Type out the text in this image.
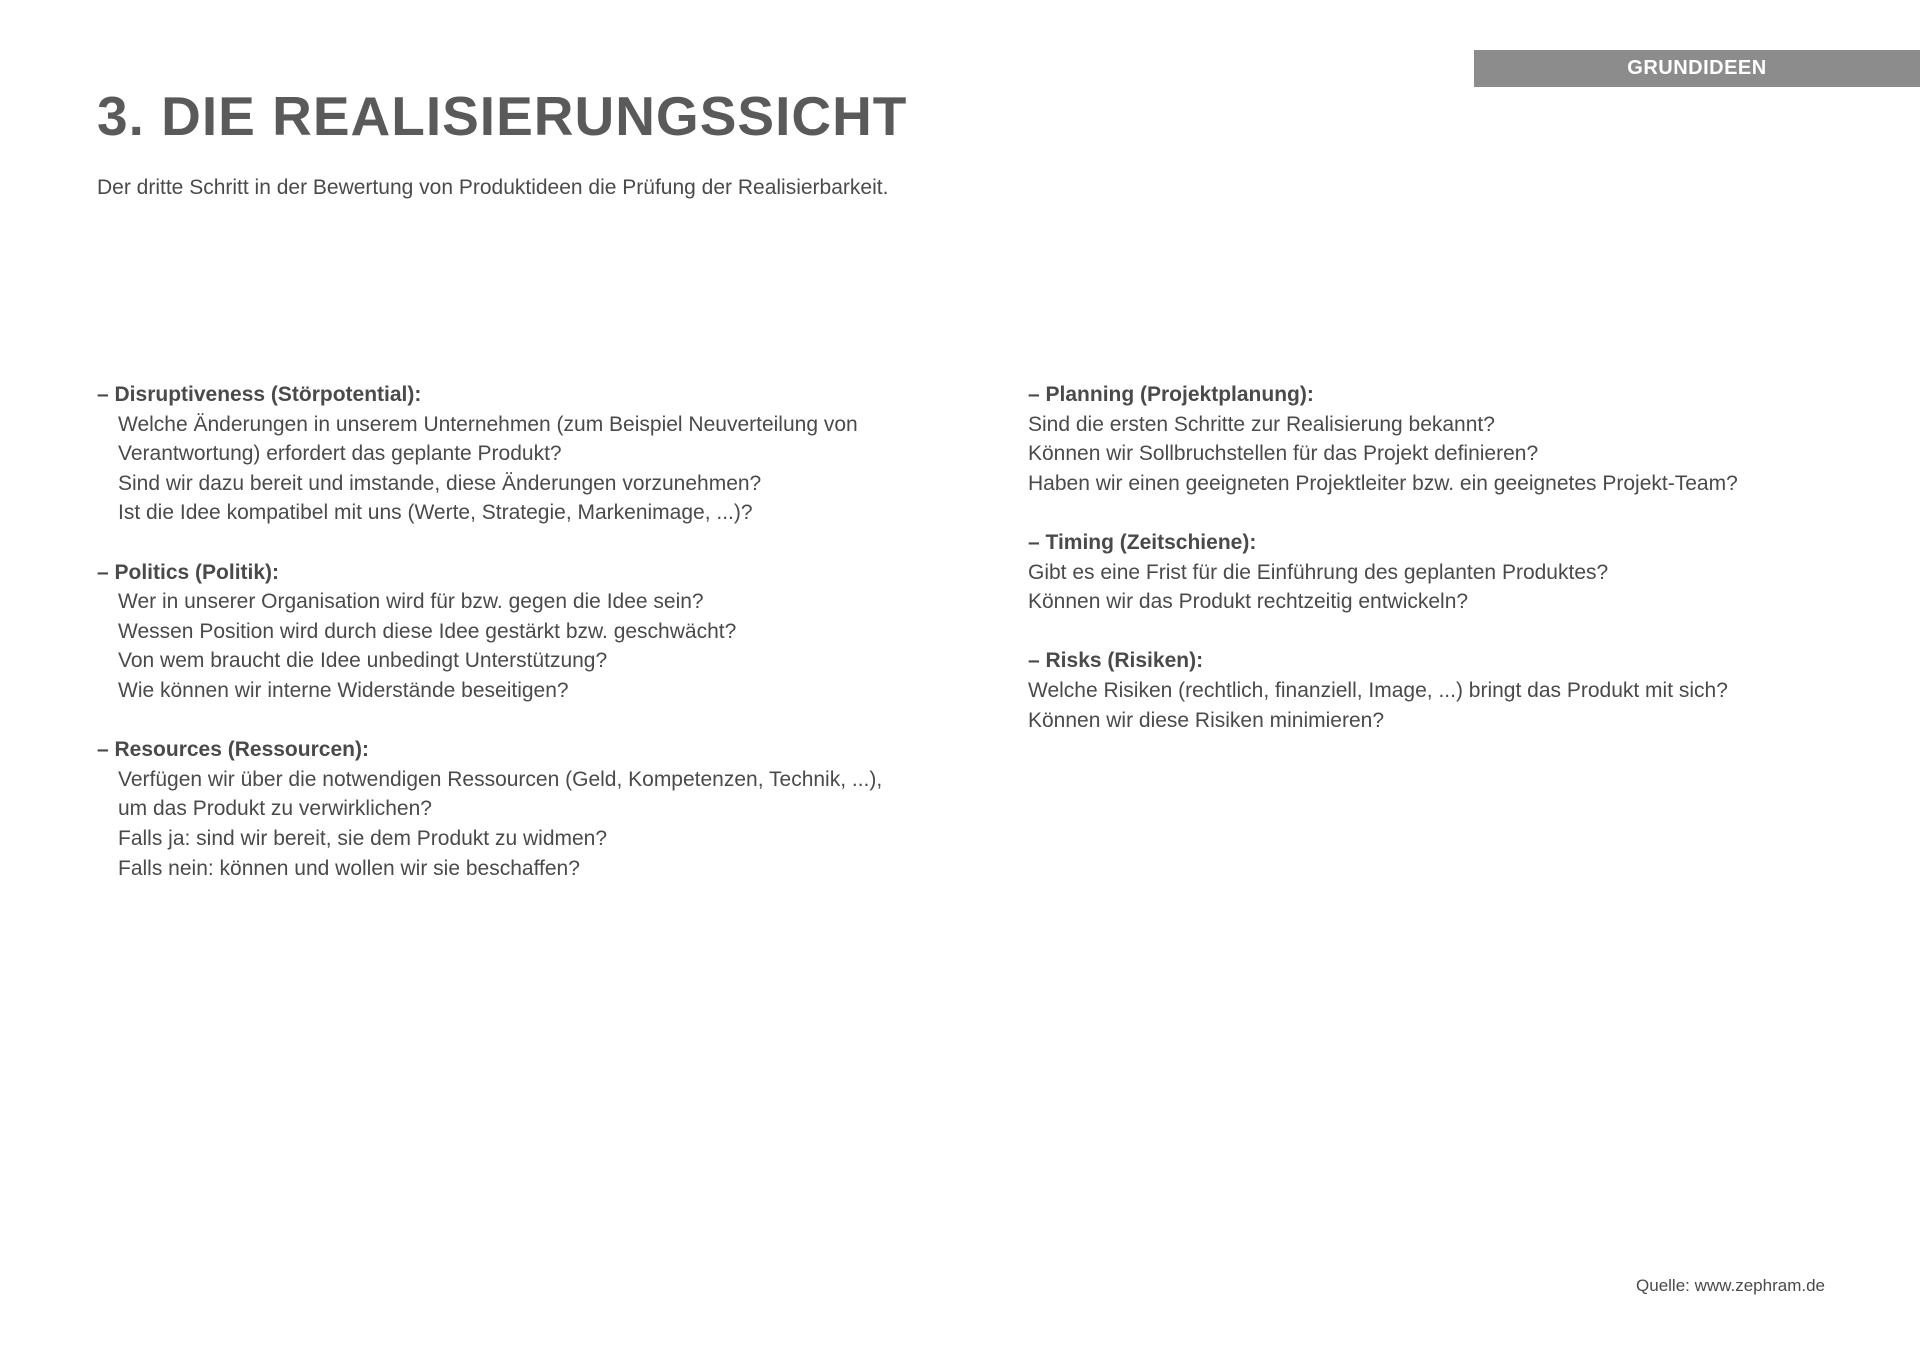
GRUNDIDEEN
3. DIE REALISIERUNGSSICHT
Der dritte Schritt in der Bewertung von Produktideen die Prüfung der Realisierbarkeit.
– Disruptiveness (Störpotential):
Welche Änderungen in unserem Unternehmen (zum Beispiel Neuverteilung von
Verantwortung) erfordert das geplante Produkt?
Sind wir dazu bereit und imstande, diese Änderungen vorzunehmen?
Ist die Idee kompatibel mit uns (Werte, Strategie, Markenimage, ...)?
– Politics (Politik):
Wer in unserer Organisation wird für bzw. gegen die Idee sein?
Wessen Position wird durch diese Idee gestärkt bzw. geschwächt?
Von wem braucht die Idee unbedingt Unterstützung?
Wie können wir interne Widerstände beseitigen?
– Resources (Ressourcen):
Verfügen wir über die notwendigen Ressourcen (Geld, Kompetenzen, Technik, ...),
um das Produkt zu verwirklichen?
Falls ja: sind wir bereit, sie dem Produkt zu widmen?
Falls nein: können und wollen wir sie beschaffen?
– Planning (Projektplanung):
Sind die ersten Schritte zur Realisierung bekannt?
Können wir Sollbruchstellen für das Projekt definieren?
Haben wir einen geeigneten Projektleiter bzw. ein geeignetes Projekt-Team?
– Timing (Zeitschiene):
Gibt es eine Frist für die Einführung des geplanten Produktes?
Können wir das Produkt rechtzeitig entwickeln?
– Risks (Risiken):
Welche Risiken (rechtlich, finanziell, Image, ...) bringt das Produkt mit sich?
Können wir diese Risiken minimieren?
Quelle: www.zephram.de
